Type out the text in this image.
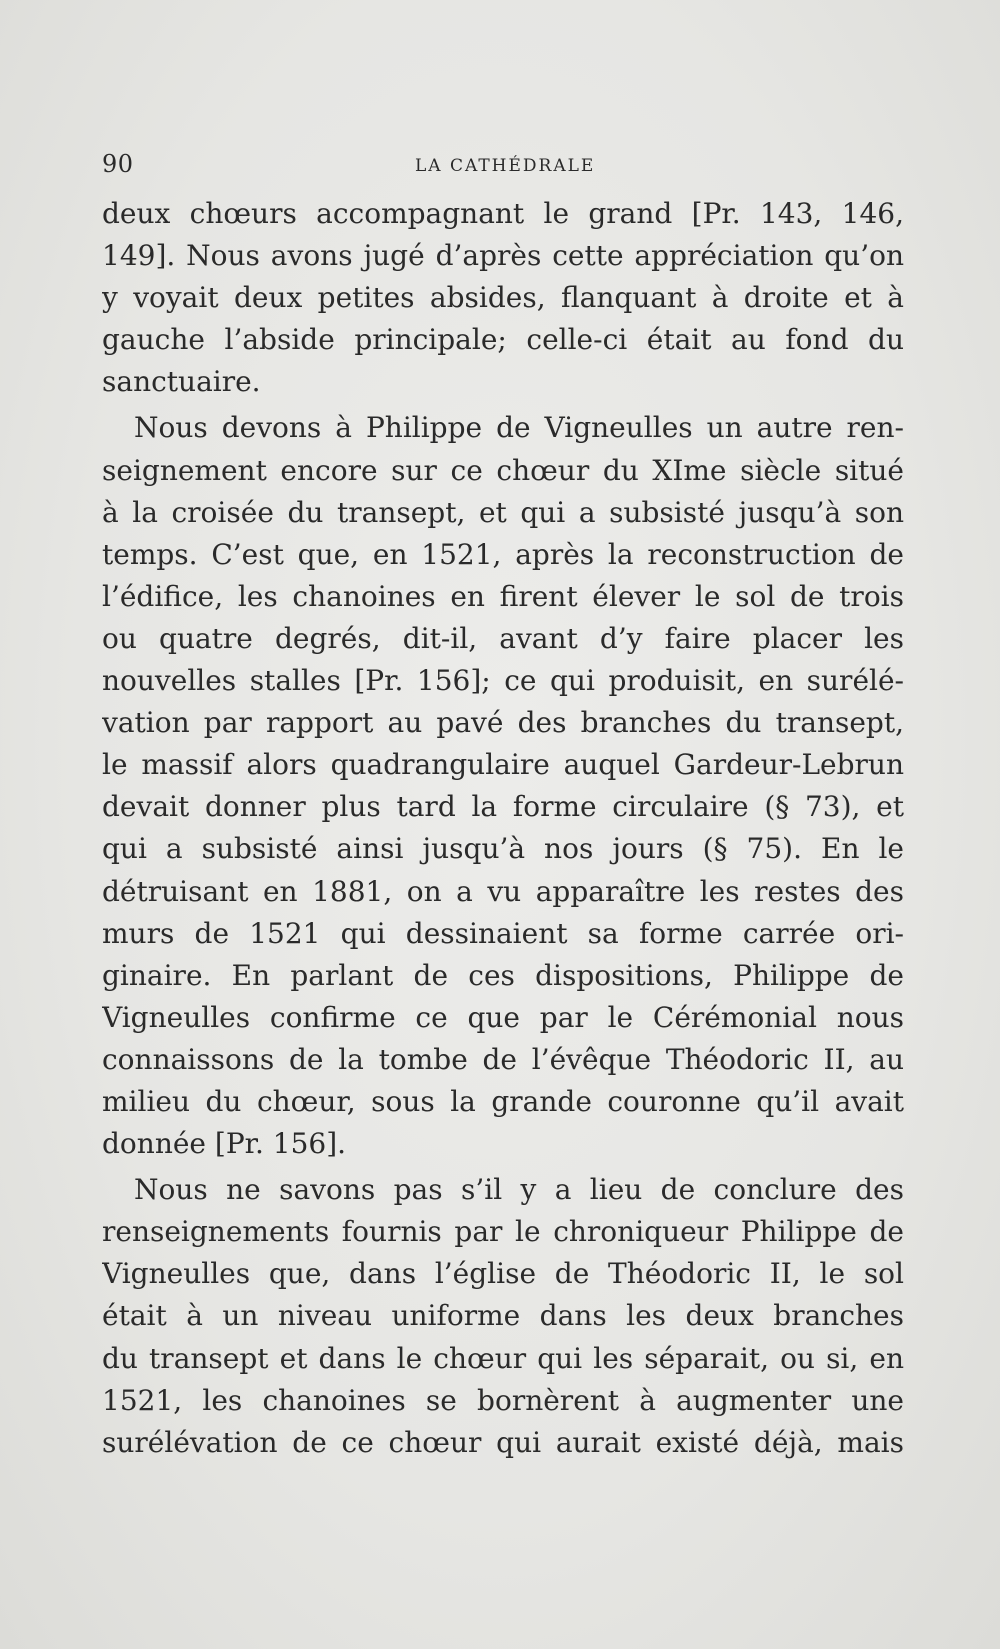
90	LA CATHÉDRALE
deux chœurs accompagnant le grand [Pr. 143, 146,
149]. Nous avons jugé d’après cette appréciation qu’on
y voyait deux petites absides, flanquant à droite et à
gauche l’abside principale; celle-ci était au fond du
sanctuaire.
Nous devons à Philippe de Vigneulles un autre ren-
seignement encore sur ce chœur du XIme siècle situé
à la croisée du transept, et qui a subsisté jusqu’à son
temps. C’est que, en 1521, après la reconstruction de
l’édifice, les chanoines en firent élever le sol de trois
ou quatre degrés, dit-il, avant d’y faire placer les
nouvelles stalles [Pr. 156]; ce qui produisit, en surélé-
vation par rapport au pavé des branches du transept,
le massif alors quadrangulaire auquel Gardeur-Lebrun
devait donner plus tard la forme circulaire (§ 73), et
qui a subsisté ainsi jusqu’à nos jours (§ 75). En le
détruisant en 1881, on a vu apparaître les restes des
murs de 1521 qui dessinaient sa forme carrée ori-
ginaire. En parlant de ces dispositions, Philippe de
Vigneulles confirme ce que par le Cérémonial nous
connaissons de la tombe de l’évêque Théodoric II, au
milieu du chœur, sous la grande couronne qu’il avait
donnée [Pr. 156].
Nous ne savons pas s’il y a lieu de conclure des
renseignements fournis par le chroniqueur Philippe de
Vigneulles que, dans l’église de Théodoric II, le sol
était à un niveau uniforme dans les deux branches
du transept et dans le chœur qui les séparait, ou si, en
1521, les chanoines se bornèrent à augmenter une
surélévation de ce chœur qui aurait existé déjà, mais
